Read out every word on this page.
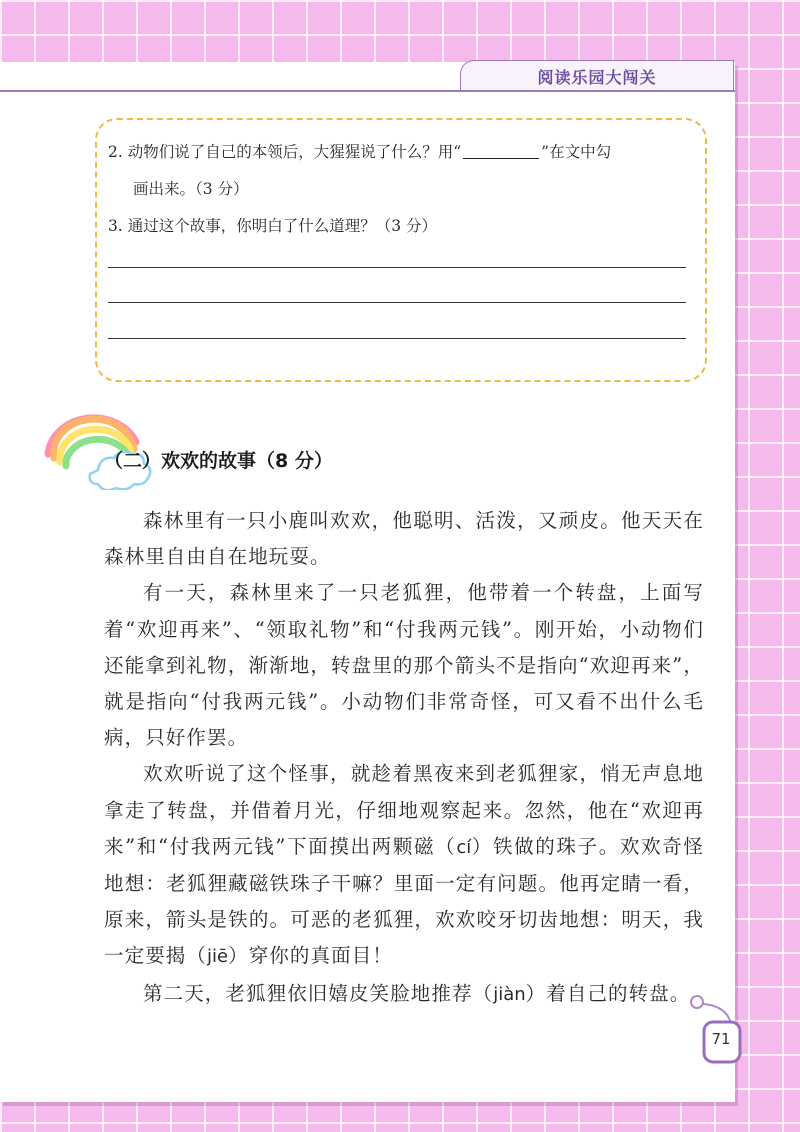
阅读乐园大闯关
2. 动物们说了自己的本领后，大猩猩说了什么？用“	”在文中勾
画出来。（3 分）
3. 通过这个故事，你明白了什么道理？（3 分）
（二）欢欢的故事（8 分）

森林里有一只小鹿叫欢欢，他聪明、活泼，又顽皮。他天天在森林里自由自在地玩耍。

有一天，森林里来了一只老狐狸，他带着一个转盘，上面写着“欢迎再来”、“领取礼物”和“付我两元钱”。刚开始，小动物们还能拿到礼物，渐渐地，转盘里的那个箭头不是指向“欢迎再来”，就是指向“付我两元钱”。小动物们非常奇怪，可又看不出什么毛病，只好作罢。

欢欢听说了这个怪事，就趁着黑夜来到老狐狸家，悄无声息地拿走了转盘，并借着月光，仔细地观察起来。忽然，他在“欢迎再来”和“付我两元钱”下面摸出两颗磁（cí）铁做的珠子。欢欢奇怪地想：老狐狸藏磁铁珠子干嘛？里面一定有问题。他再定睛一看，原来，箭头是铁的。可恶的老狐狸，欢欢咬牙切齿地想：明天，我一定要揭（jiē）穿你的真面目！

第二天，老狐狸依旧嬉皮笑脸地推荐（jiàn）着自己的转盘。

71
